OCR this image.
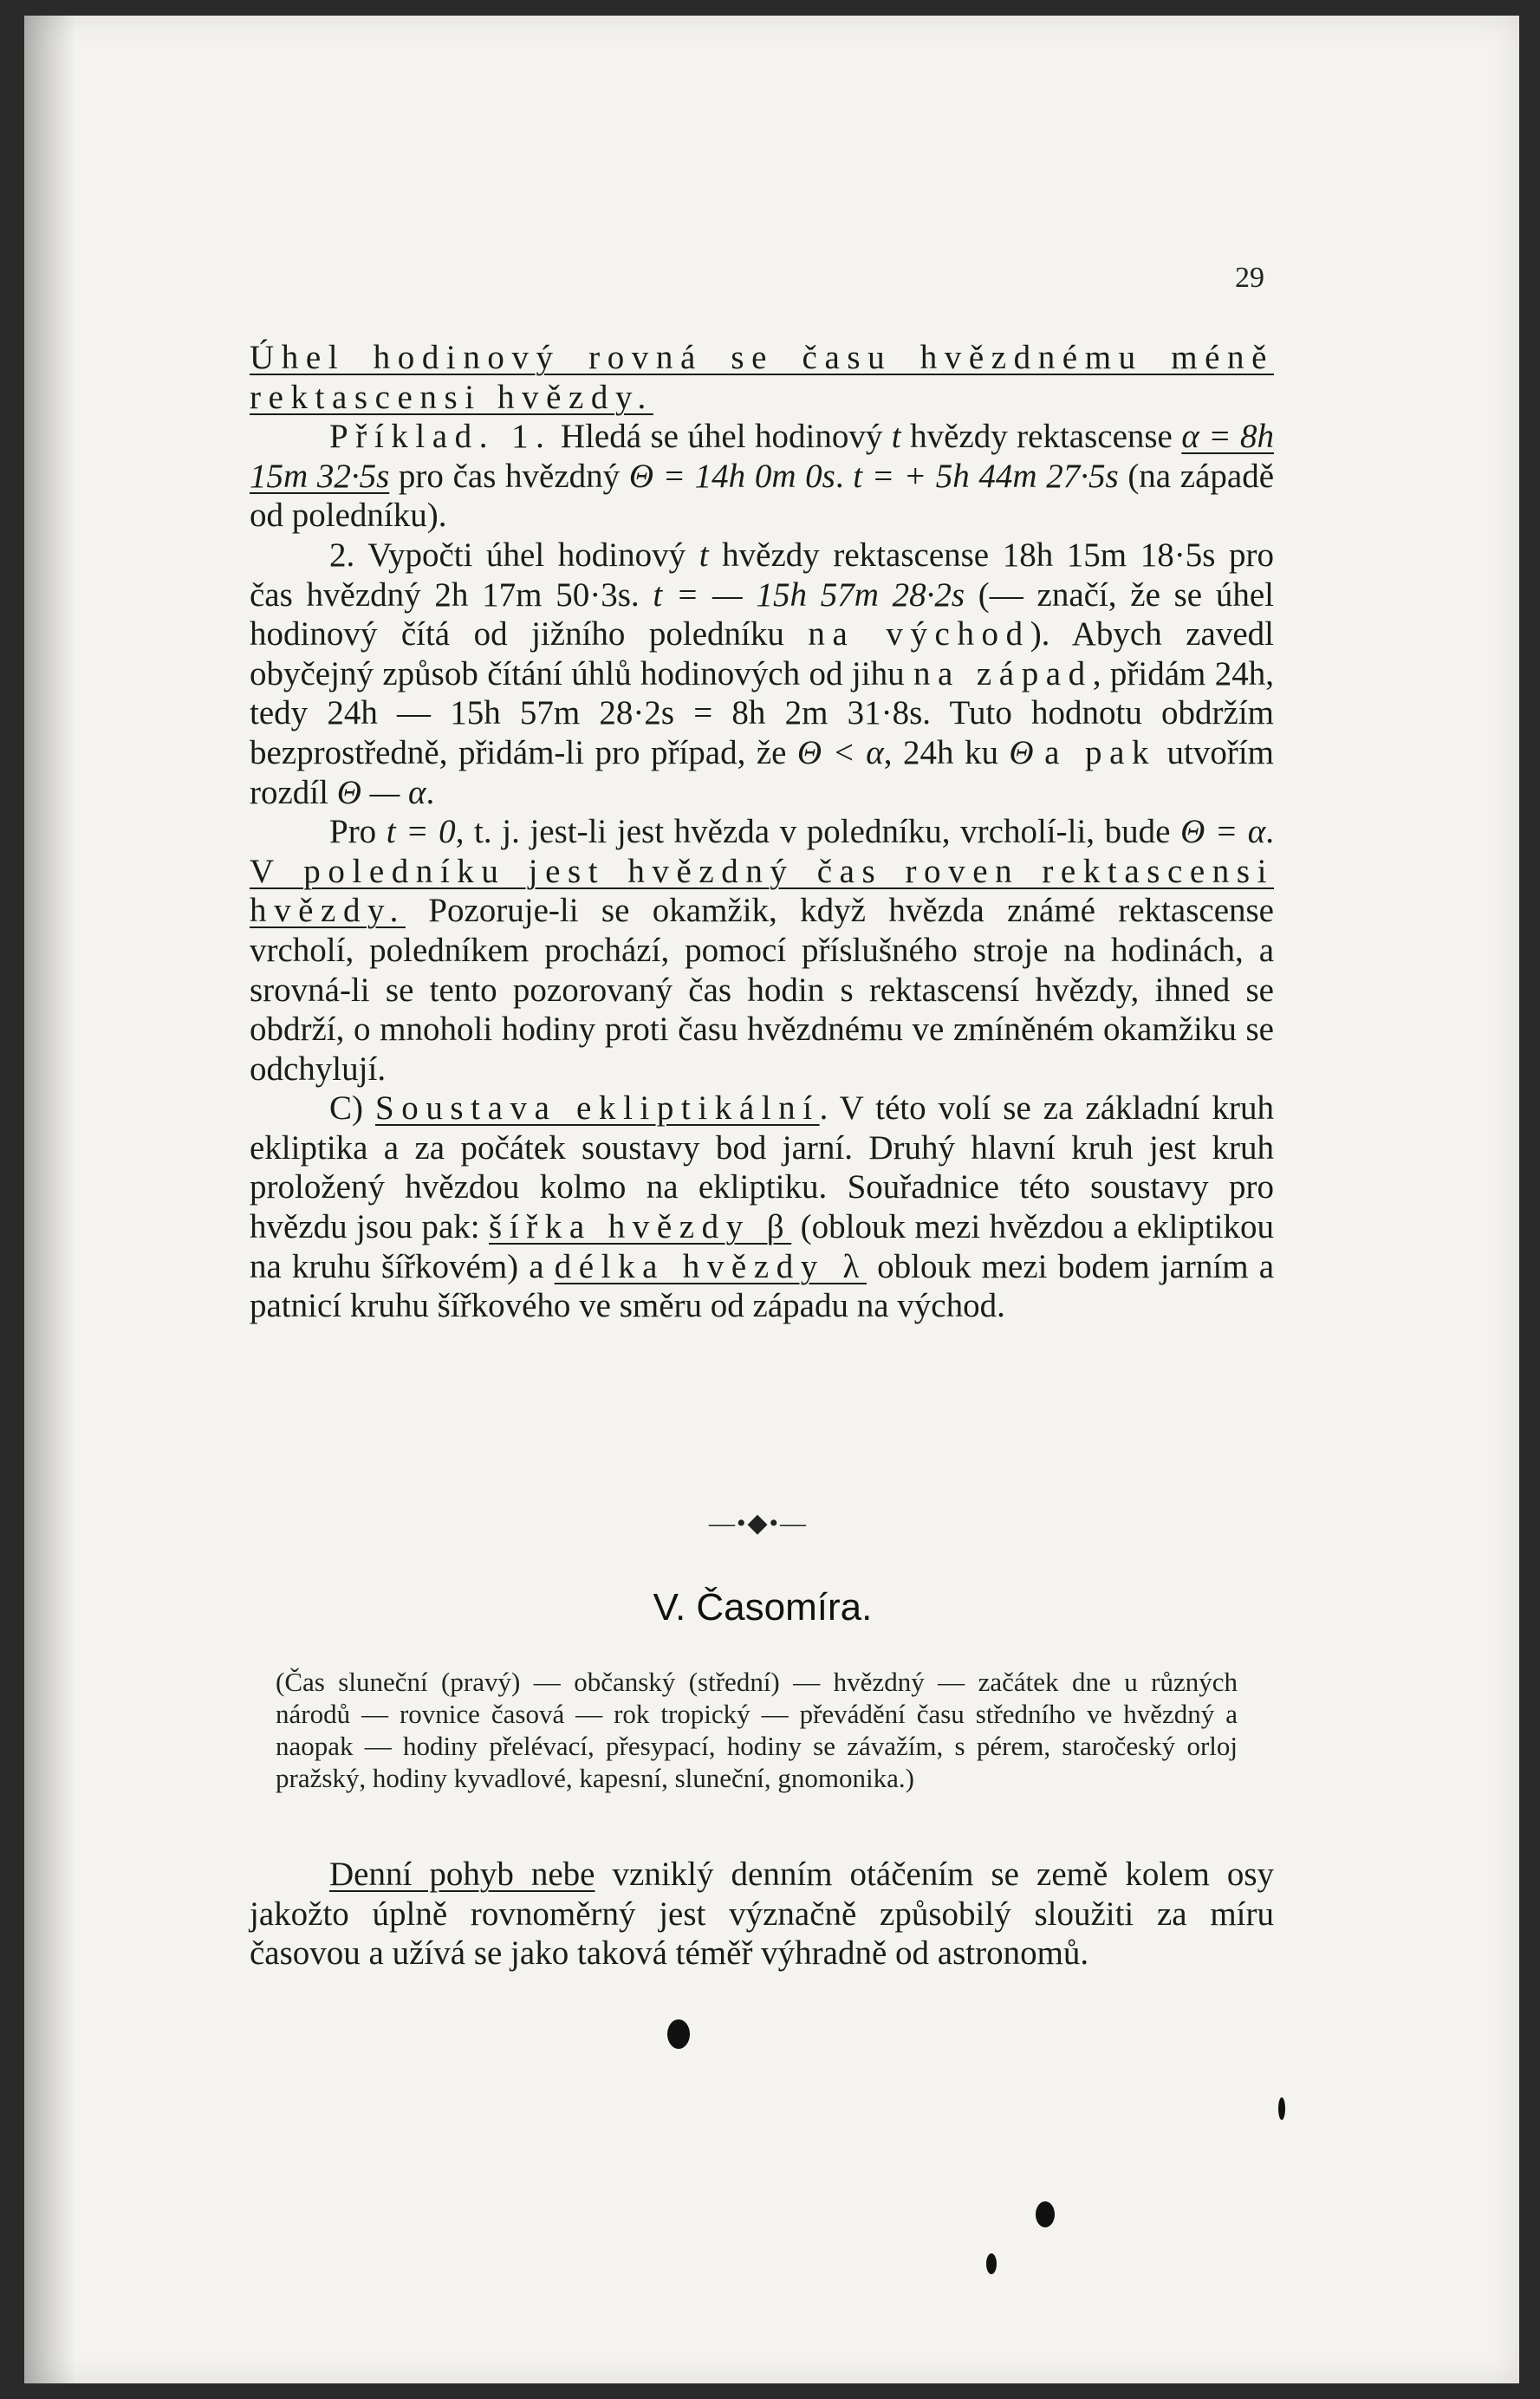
29

Úhel hodinový rovná se času hvězdnému méně rektascensi hvězdy.

Příklad. 1. Hledá se úhel hodinový t hvězdy rektascense α = 8h 15m 32·5s pro čas hvězdný Θ = 14h 0m 0s. t = + 5h 44m 27·5s (na západě od poledníku).

2. Vypočti úhel hodinový t hvězdy rektascense 18h 15m 18·5s pro čas hvězdný 2h 17m 50·3s. t = — 15h 57m 28·2s (— značí, že se úhel hodinový čítá od jižního poledníku na východ). Abych zavedl obyčejný způsob čítání úhlů hodinových od jihu na západ, přidám 24h, tedy 24h — 15h 57m 28·2s = 8h 2m 31·8s. Tuto hodnotu obdržím bezprostředně, přidám-li pro případ, že Θ < α, 24h ku Θ a pak utvořím rozdíl Θ — α.

Pro t = 0, t. j. jest-li jest hvězda v poledníku, vrcholí-li, bude Θ = α. V poledníku jest hvězdný čas roven rektascensi hvězdy. Pozoruje-li se okamžik, když hvězda známé rektascense vrcholí, poledníkem prochází, pomocí příslušného stroje na hodinách, a srovná-li se tento pozorovaný čas hodin s rektascensí hvězdy, ihned se obdrží, o mnoholi hodiny proti času hvězdnému ve zmíněném okamžiku se odchylují.

C) Soustava ekliptikální. V této volí se za základní kruh ekliptika a za počátek soustavy bod jarní. Druhý hlavní kruh jest kruh proložený hvězdou kolmo na ekliptiku. Souřadnice této soustavy pro hvězdu jsou pak: šířka hvězdy β (oblouk mezi hvězdou a ekliptikou na kruhu šířkovém) a délka hvězdy λ oblouk mezi bodem jarním a patnicí kruhu šířkového ve směru od západu na východ.

—•◆•—
V. Časomíra.
(Čas sluneční (pravý) — občanský (střední) — hvězdný — začátek dne u různých národů — rovnice časová — rok tropický — převádění času středního ve hvězdný a naopak — hodiny přelévací, přesypací, hodiny se závažím, s pérem, staročeský orloj pražský, hodiny kyvadlové, kapesní, sluneční, gnomonika.)

Denní pohyb nebe vzniklý denním otáčením se země kolem osy jakožto úplně rovnoměrný jest význačně způsobilý sloužiti za míru časovou a užívá se jako taková téměř výhradně od astronomů.
